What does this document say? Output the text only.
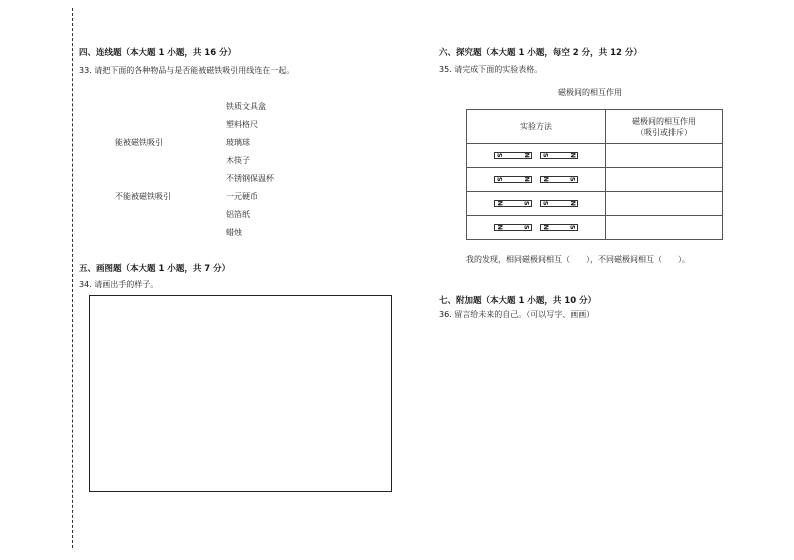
四、连线题（本大题 1 小题，共 16 分）
33. 请把下面的各种物品与是否能被磁铁吸引用线连在一起。
能被磁铁吸引
不能被磁铁吸引
铁质文具盒
塑料格尺
玻璃球
木筷子
不锈钢保温杯
一元硬币
铝箔纸
蜡烛
五、画图题（本大题 1 小题，共 7 分）
34. 请画出手的样子。
六、探究题（本大题 1 小题，每空 2 分，共 12 分）
35. 请完成下面的实验表格。
磁极间的相互作用
实验方法	磁极间的相互作用
（吸引或排斥）

S N S N	

S N N S	

N S S N	

N S N S	

我的发现，相同磁极间相互（　　），不同磁极间相互（　　）。
七、附加题（本大题 1 小题，共 10 分）
36. 留言给未来的自己。（可以写字、画画）
